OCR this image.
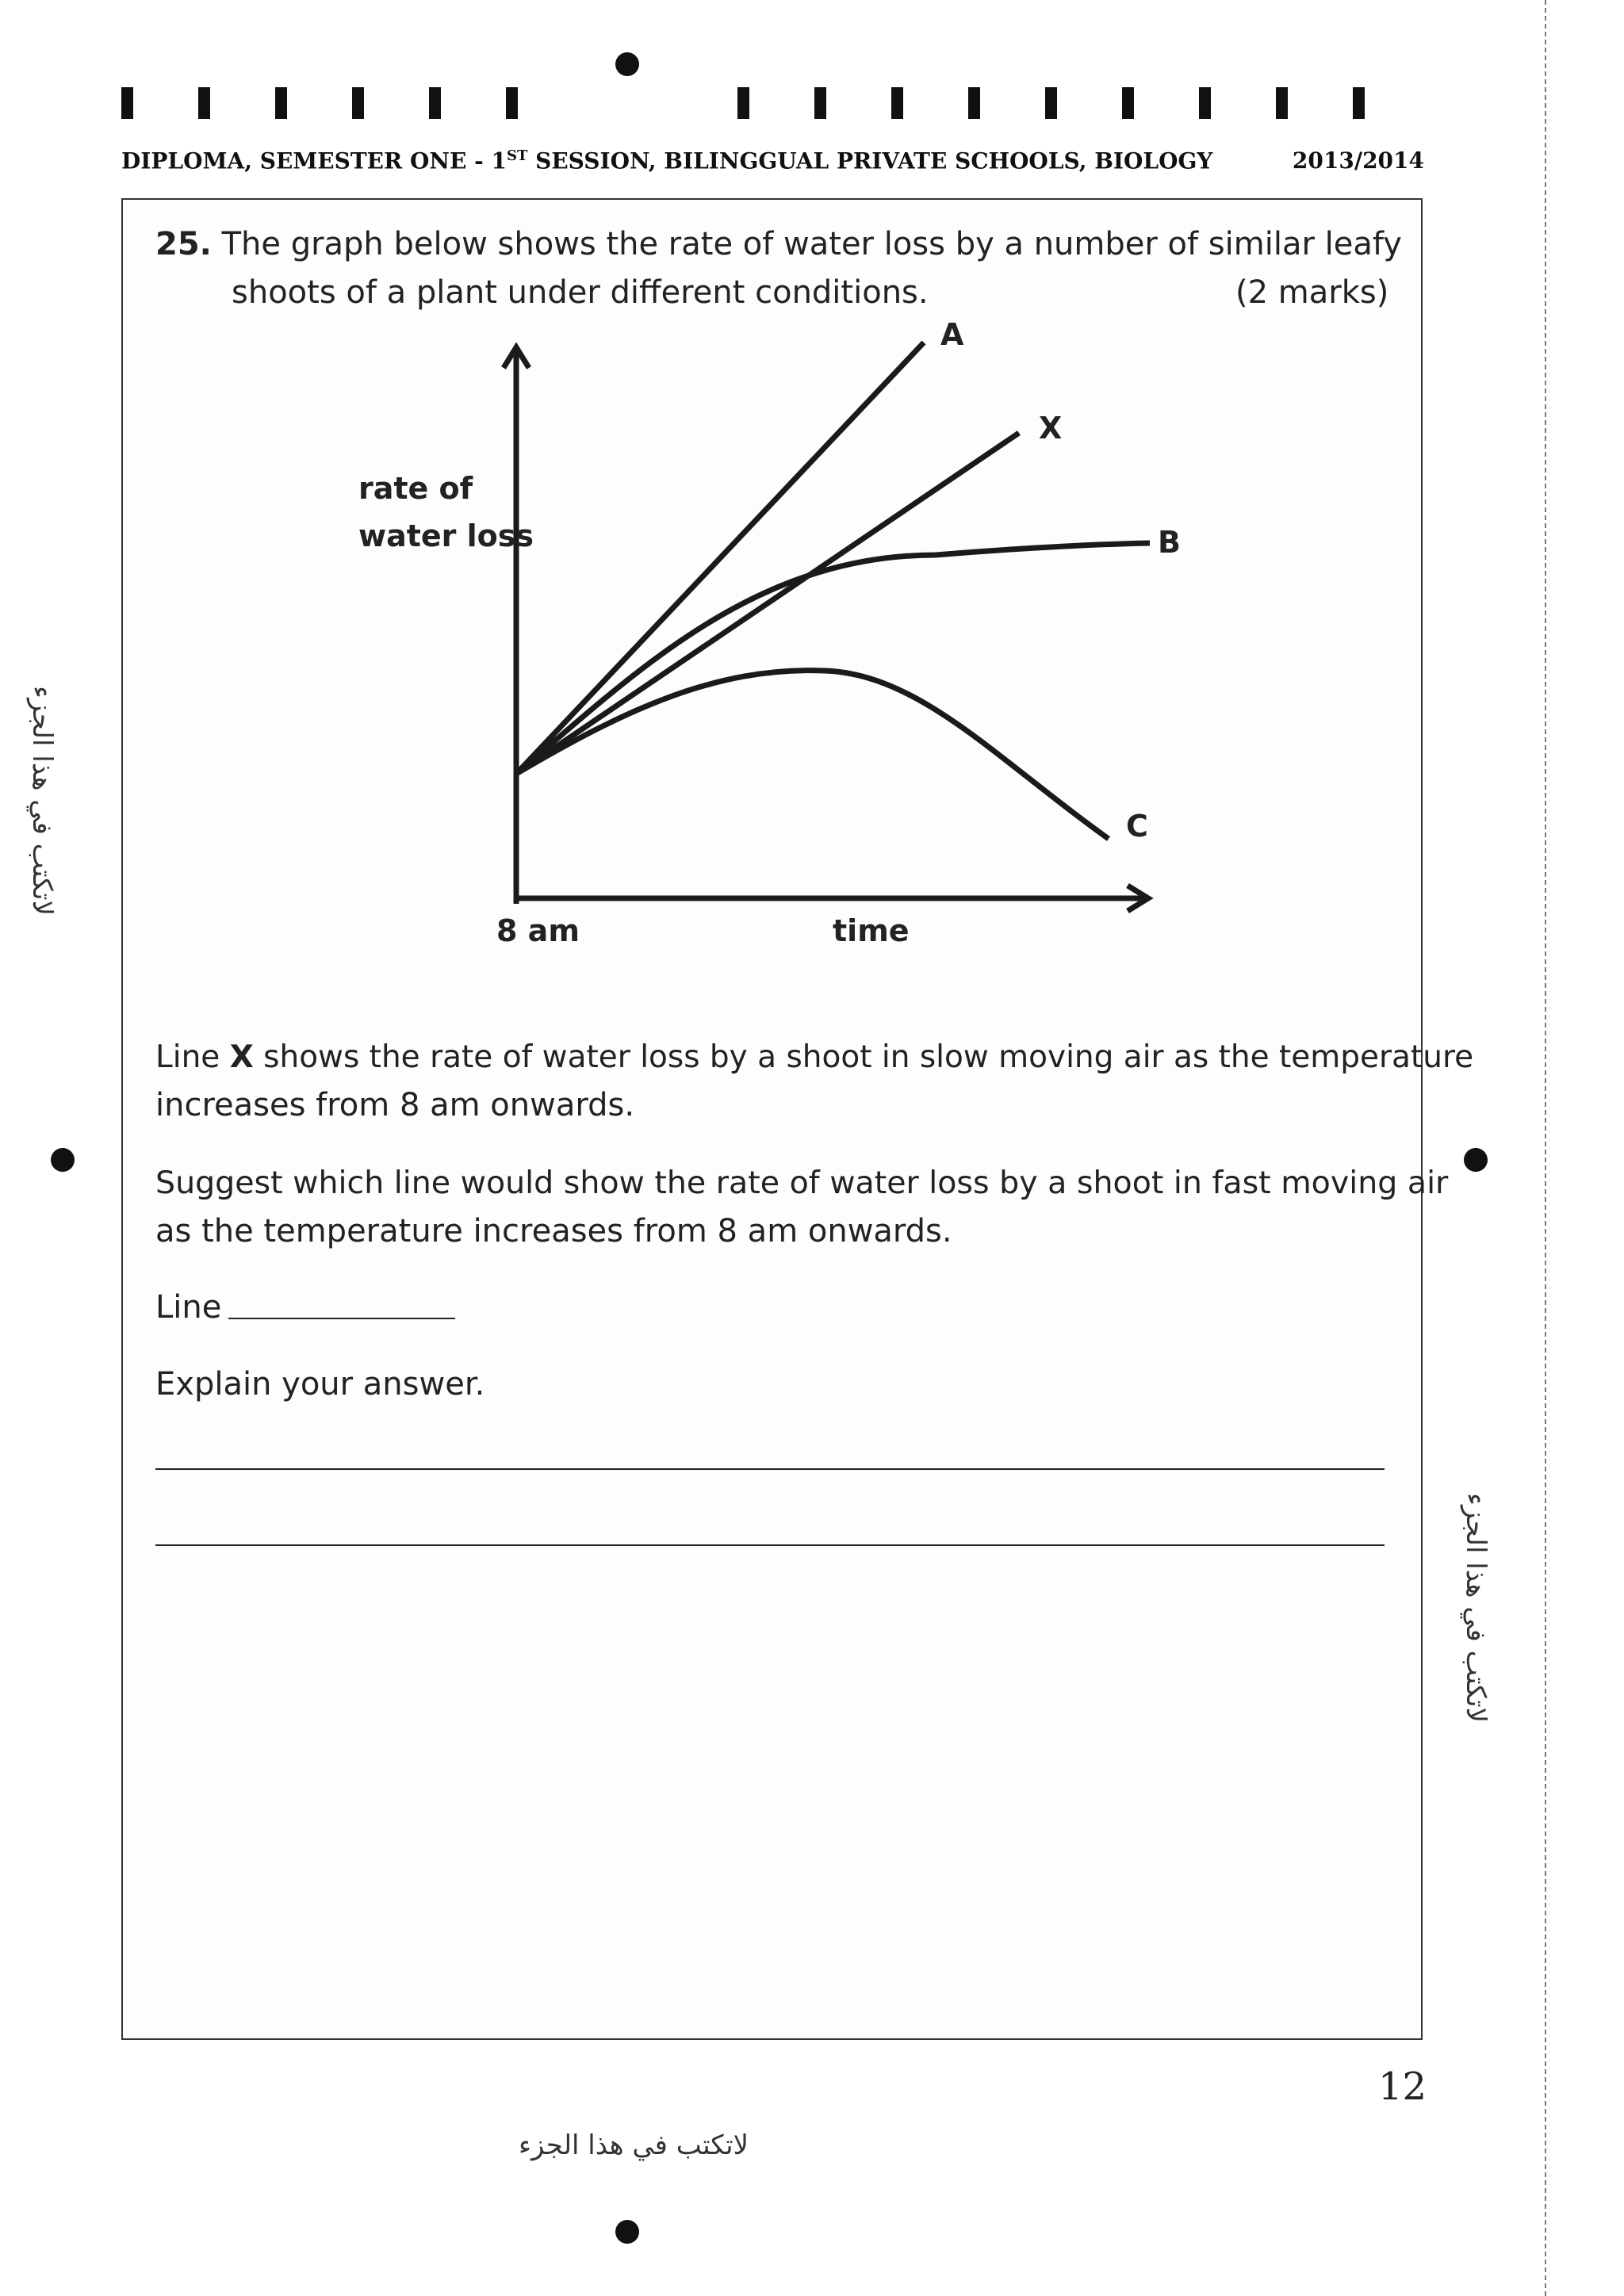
DIPLOMA, SEMESTER ONE - 1ST SESSION, BILINGGUAL PRIVATE SCHOOLS, BIOLOGY	2013/2014
لاتكتب في هذا الجزء
لاتكتب في هذا الجزء
25. The graph below shows the rate of water loss by a number of similar leafy
shoots of a plant under different conditions.	(2 marks)
rate of
water loss
8 am	time
A
X
B
C
Line X shows the rate of water loss by a shoot in slow moving air as the temperature
increases from 8 am onwards.
Suggest which line would show the rate of water loss by a shoot in fast moving air
as the temperature increases from 8 am onwards.
Line
Explain your answer.
12
لاتكتب في هذا الجزء
